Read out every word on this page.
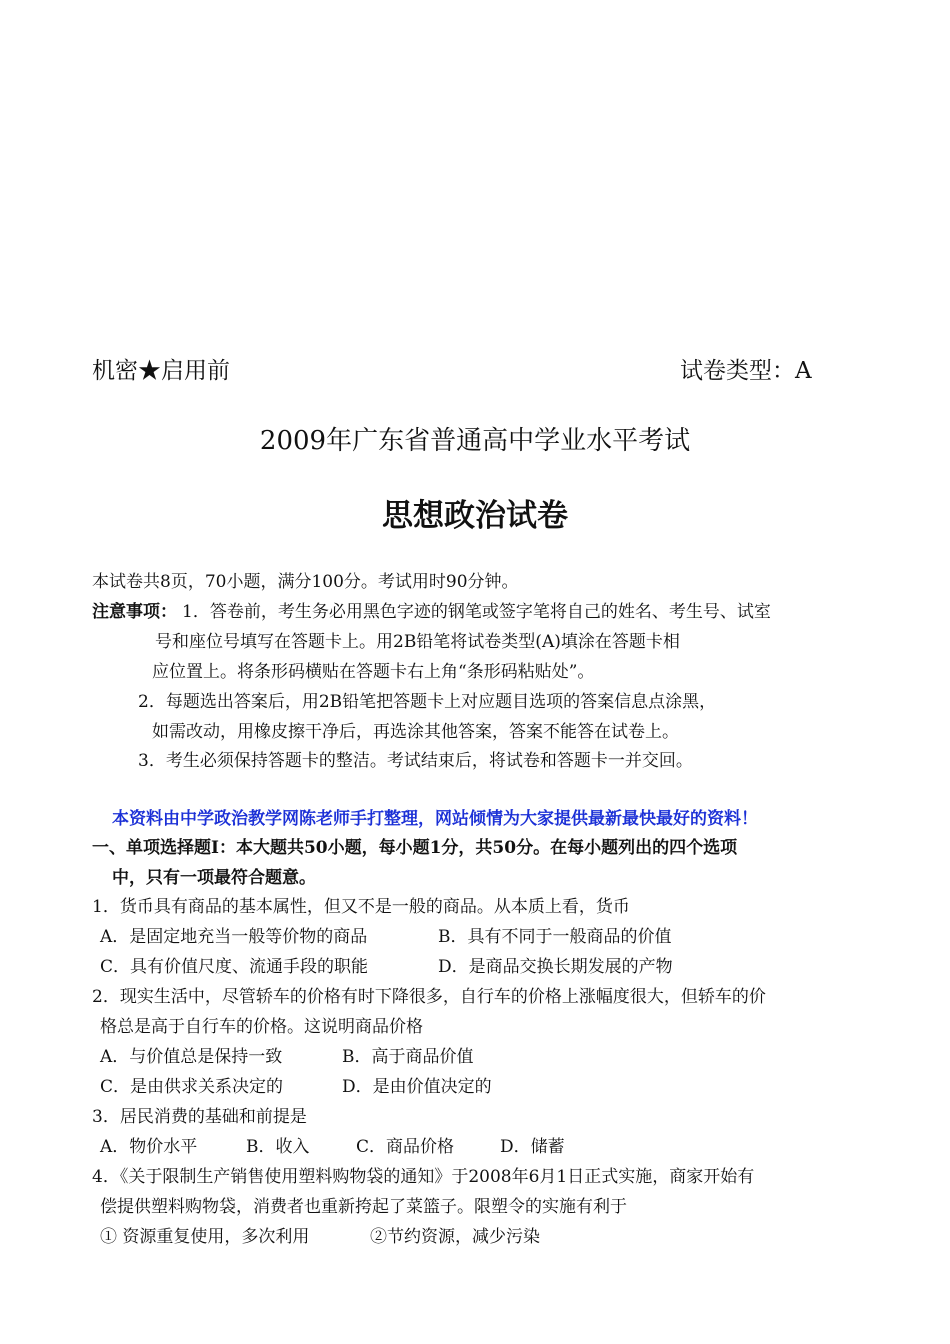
机密★启用前	试卷类型：A
2009年广东省普通高中学业水平考试
思想政治试卷
本试卷共8页，70小题，满分100分。考试用时90分钟。
注意事项： 1．答卷前，考生务必用黑色字迹的钢笔或签字笔将自己的姓名、考生号、试室
号和座位号填写在答题卡上。用2B铅笔将试卷类型(A)填涂在答题卡相
应位置上。将条形码横贴在答题卡右上角“条形码粘贴处”。
2．每题选出答案后，用2B铅笔把答题卡上对应题目选项的答案信息点涂黑，
如需改动，用橡皮擦干净后，再选涂其他答案，答案不能答在试卷上。
3．考生必须保持答题卡的整洁。考试结束后，将试卷和答题卡一并交回。
本资料由中学政治教学网陈老师手打整理，网站倾情为大家提供最新最快最好的资料！
一、单项选择题I：本大题共50小题，每小题1分，共50分。在每小题列出的四个选项
中，只有一项最符合题意。
1．货币具有商品的基本属性，但又不是一般的商品。从本质上看，货币
A．是固定地充当一般等价物的商品	B．具有不同于一般商品的价值
C．具有价值尺度、流通手段的职能	D．是商品交换长期发展的产物
2．现实生活中，尽管轿车的价格有时下降很多，自行车的价格上涨幅度很大，但轿车的价
格总是高于自行车的价格。这说明商品价格
A．与价值总是保持一致	B．高于商品价值
C．是由供求关系决定的	D．是由价值决定的
3．居民消费的基础和前提是
A．物价水平	B．收入	C．商品价格	D．储蓄
4．《关于限制生产销售使用塑料购物袋的通知》于2008年6月1日正式实施，商家开始有
偿提供塑料购物袋，消费者也重新挎起了菜篮子。限塑令的实施有利于
① 资源重复使用，多次利用	②节约资源，减少污染
